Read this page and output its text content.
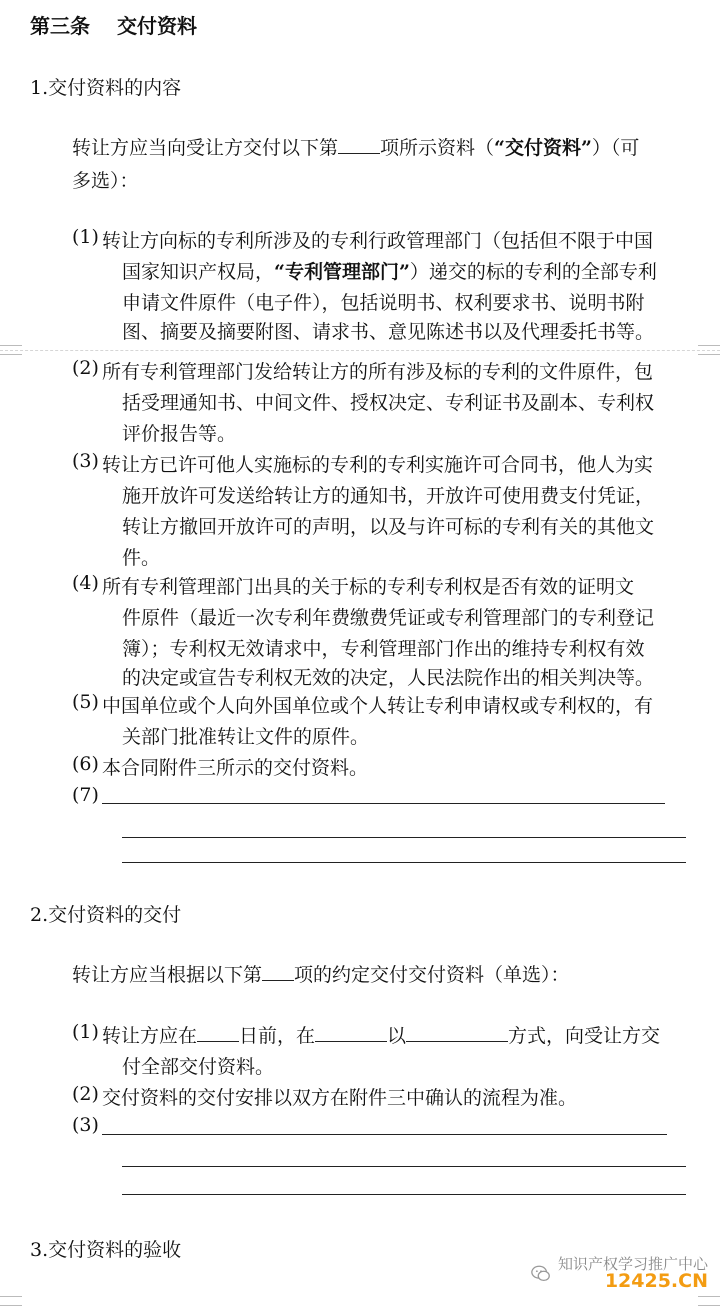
第三条　 交付资料
1.交付资料的内容
转让方应当向受让方交付以下第 项所示资料（“交付资料”）（可
多选）：
(1) 转让方向标的专利所涉及的专利行政管理部门（包括但不限于中国
国家知识产权局，“专利管理部门”）递交的标的专利的全部专利
申请文件原件（电子件），包括说明书、权利要求书、说明书附
图、摘要及摘要附图、请求书、意见陈述书以及代理委托书等。
(2) 所有专利管理部门发给转让方的所有涉及标的专利的文件原件，包
括受理通知书、中间文件、授权决定、专利证书及副本、专利权
评价报告等。
(3) 转让方已许可他人实施标的专利的专利实施许可合同书，他人为实
施开放许可发送给转让方的通知书，开放许可使用费支付凭证，
转让方撤回开放许可的声明，以及与许可标的专利有关的其他文
件。
(4) 所有专利管理部门出具的关于标的专利专利权是否有效的证明文
件原件（最近一次专利年费缴费凭证或专利管理部门的专利登记
簿）；专利权无效请求中，专利管理部门作出的维持专利权有效
的决定或宣告专利权无效的决定，人民法院作出的相关判决等。
(5) 中国单位或个人向外国单位或个人转让专利申请权或专利权的，有
关部门批准转让文件的原件。
(6) 本合同附件三所示的交付资料。
(7)
2.交付资料的交付
转让方应当根据以下第 项的约定交付交付资料（单选）：
(1) 转让方应在 日前，在	以	方式，向受让方交
付全部交付资料。
(2) 交付资料的交付安排以双方在附件三中确认的流程为准。
(3)
3.交付资料的验收
知识产权学习推广中心
12425.CN
